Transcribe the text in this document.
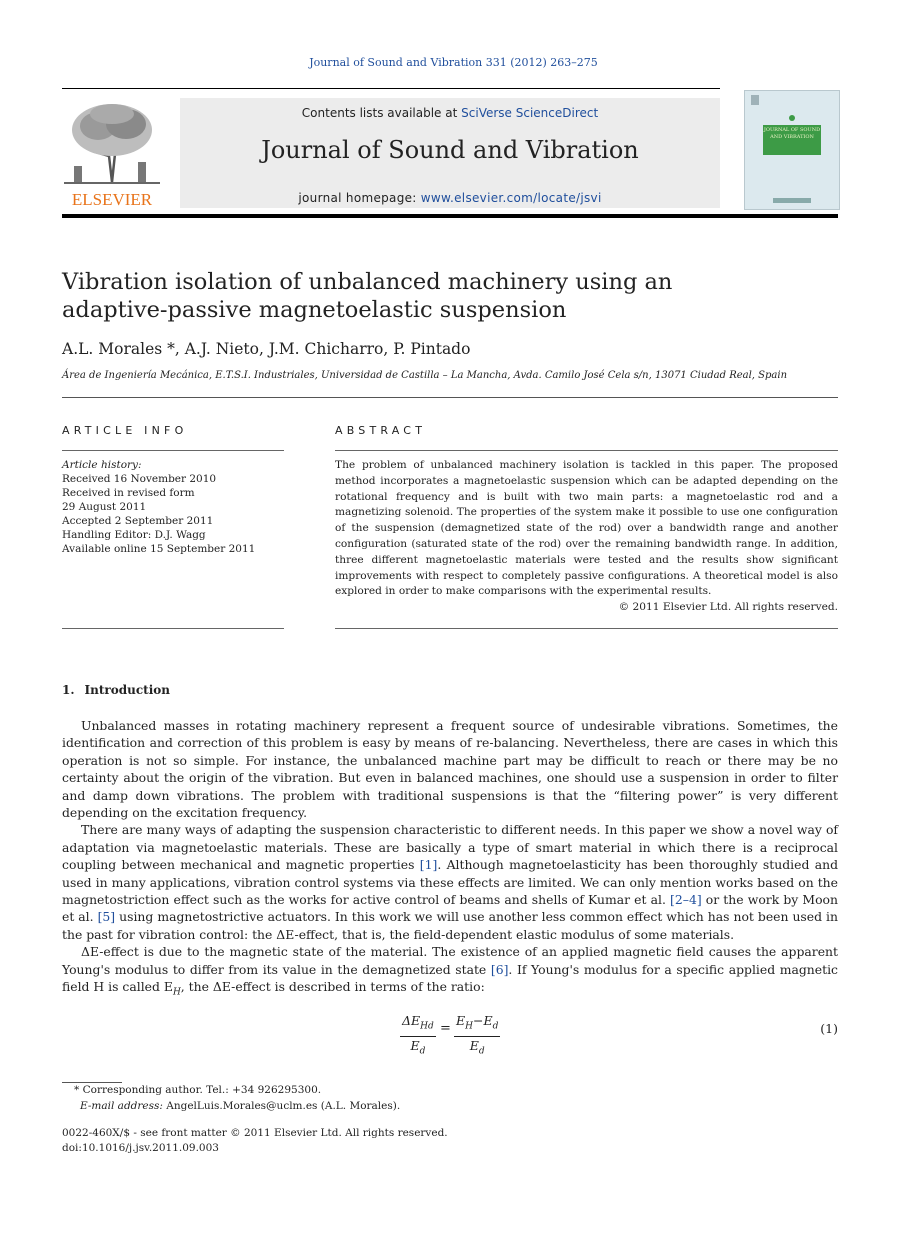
Journal of Sound and Vibration 331 (2012) 263–275
ELSEVIER
Contents lists available at SciVerse ScienceDirect
Journal of Sound and Vibration
journal homepage: www.elsevier.com/locate/jsvi
JOURNAL OF SOUND AND VIBRATION
Vibration isolation of unbalanced machinery using an
adaptive-passive magnetoelastic suspension
A.L. Morales *, A.J. Nieto, J.M. Chicharro, P. Pintado
Área de Ingeniería Mecánica, E.T.S.I. Industriales, Universidad de Castilla – La Mancha, Avda. Camilo José Cela s/n, 13071 Ciudad Real, Spain
ARTICLE INFO	ABSTRACT
Article history:
Received 16 November 2010
Received in revised form
29 August 2011
Accepted 2 September 2011
Handling Editor: D.J. Wagg
Available online 15 September 2011
The problem of unbalanced machinery isolation is tackled in this paper. The proposed method incorporates a magnetoelastic suspension which can be adapted depending on the rotational frequency and is built with two main parts: a magnetoelastic rod and a magnetizing solenoid. The properties of the system make it possible to use one configuration of the suspension (demagnetized state of the rod) over a bandwidth range and another configuration (saturated state of the rod) over the remaining bandwidth range. In addition, three different magnetoelastic materials were tested and the results show significant improvements with respect to completely passive configurations. A theoretical model is also explored in order to make comparisons with the experimental results.
© 2011 Elsevier Ltd. All rights reserved.
1. Introduction

Unbalanced masses in rotating machinery represent a frequent source of undesirable vibrations. Sometimes, the identification and correction of this problem is easy by means of re-balancing. Nevertheless, there are cases in which this operation is not so simple. For instance, the unbalanced machine part may be difficult to reach or there may be no certainty about the origin of the vibration. But even in balanced machines, one should use a suspension in order to filter and damp down vibrations. The problem with traditional suspensions is that the “filtering power” is very different depending on the excitation frequency.

There are many ways of adapting the suspension characteristic to different needs. In this paper we show a novel way of adaptation via magnetoelastic materials. These are basically a type of smart material in which there is a reciprocal coupling between mechanical and magnetic properties [1]. Although magnetoelasticity has been thoroughly studied and used in many applications, vibration control systems via these effects are limited. We can only mention works based on the magnetostriction effect such as the works for active control of beams and shells of Kumar et al. [2–4] or the work by Moon et al. [5] using magnetostrictive actuators. In this work we will use another less common effect which has not been used in the past for vibration control: the ΔE-effect, that is, the field-dependent elastic modulus of some materials.

ΔE-effect is due to the magnetic state of the material. The existence of an applied magnetic field causes the apparent Young's modulus to differ from its value in the demagnetized state [6]. If Young's modulus for a specific applied magnetic field H is called $E_H$, the ΔE-effect is described in terms of the ratio:

$\Delta E_{Hd}$
$E_d$
= $\frac{E_H-E_d}{E_d}$	(1)
* Corresponding author. Tel.: +34 926295300.
E-mail address: AngelLuis.Morales@uclm.es (A.L. Morales).
0022-460X/$ - see front matter © 2011 Elsevier Ltd. All rights reserved.
doi:10.1016/j.jsv.2011.09.003
